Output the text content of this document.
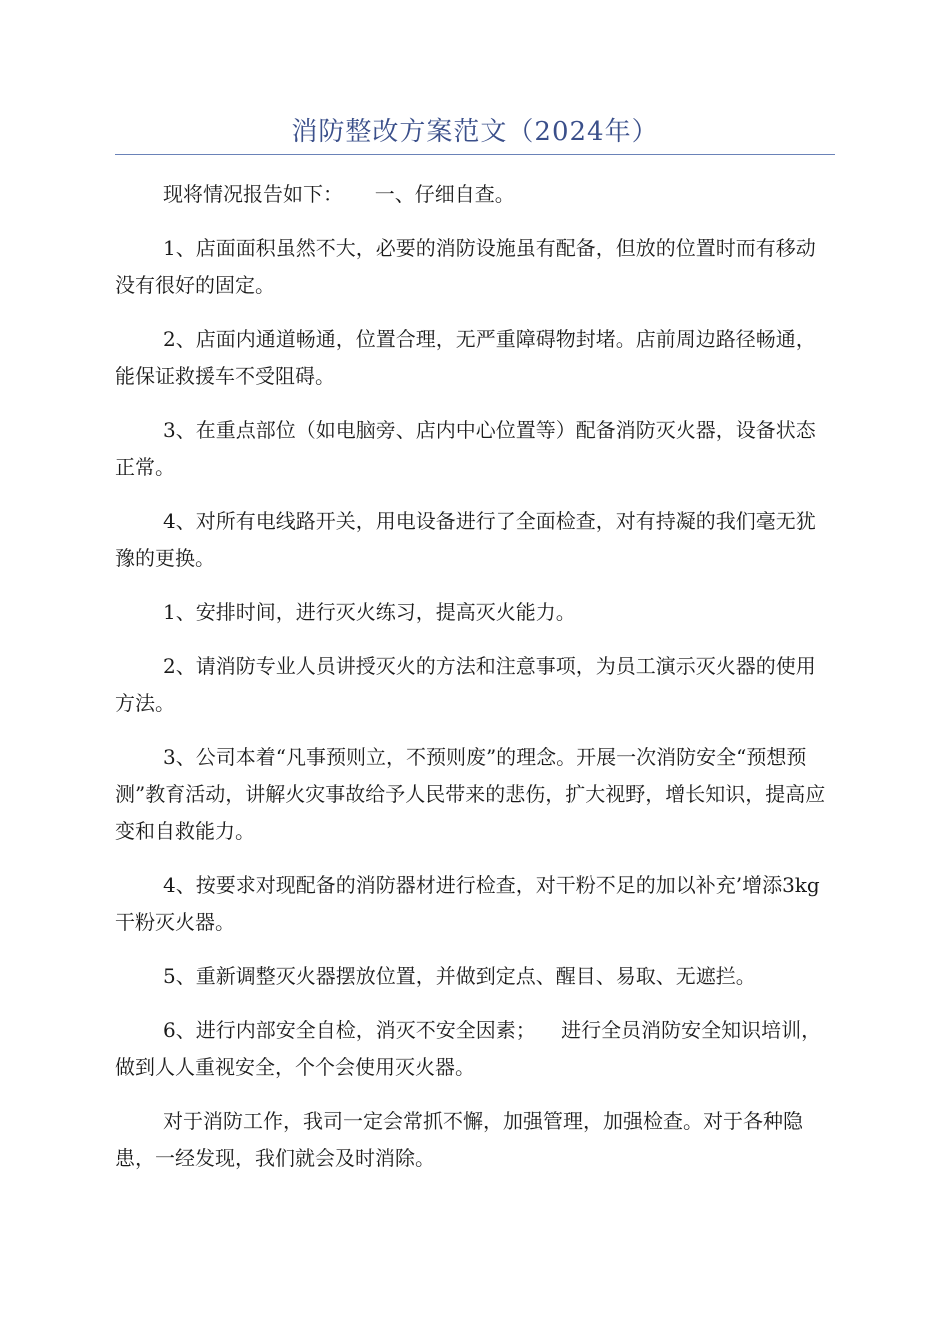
消防整改方案范文（2024年）

现将情况报告如下：     一、仔细自查。

1、店面面积虽然不大，必要的消防设施虽有配备，但放的位置时而有移动没有很好的固定。

2、店面内通道畅通，位置合理，无严重障碍物封堵。店前周边路径畅通，能保证救援车不受阻碍。

3、在重点部位（如电脑旁、店内中心位置等）配备消防灭火器，设备状态正常。

4、对所有电线路开关，用电设备进行了全面检查，对有持凝的我们毫无犹豫的更换。

1、安排时间，进行灭火练习，提高灭火能力。

2、请消防专业人员讲授灭火的方法和注意事项，为员工演示灭火器的使用方法。

3、公司本着“凡事预则立，不预则废”的理念。开展一次消防安全“预想预测”教育活动，讲解火灾事故给予人民带来的悲伤，扩大视野，增长知识，提高应变和自救能力。

4、按要求对现配备的消防器材进行检查，对干粉不足的加以补充’增添3kg干粉灭火器。

5、重新调整灭火器摆放位置，并做到定点、醒目、易取、无遮拦。

6、进行内部安全自检，消灭不安全因素；    进行全员消防安全知识培训，做到人人重视安全，个个会使用灭火器。

对于消防工作，我司一定会常抓不懈，加强管理，加强检查。对于各种隐患，一经发现，我们就会及时消除。
